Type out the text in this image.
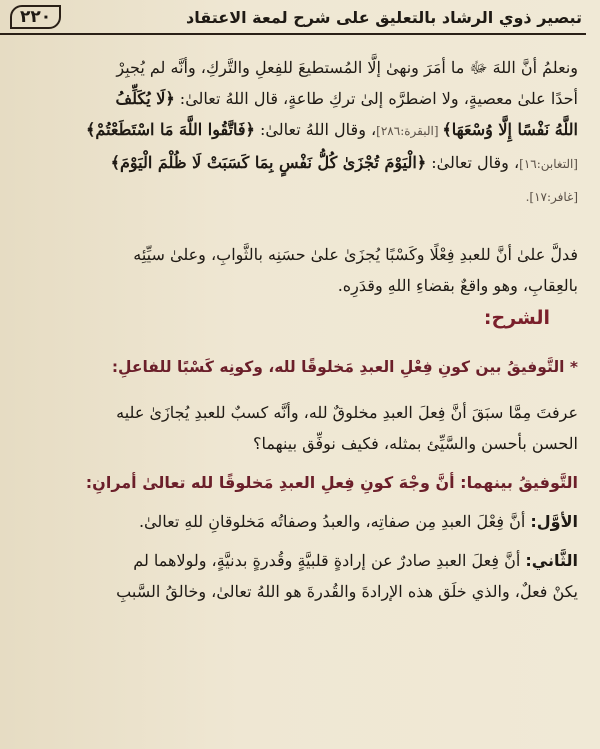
تبصير ذوي الرشاد بالتعليق على شرح لمعة الاعتقاد
٢٢٠
ونعلمُ أنَّ اللهَ ﷻ ما أمَرَ ونهىٰ إلَّا المُستطيعَ للفِعلِ والتَّركِ، وأنَّه لم يُجبِرْ
أحدًا علىٰ معصيةٍ، ولا اضطرَّه إلىٰ تركِ طاعةٍ، قال اللهُ تعالىٰ: ﴿لَا يُكَلِّفُ
اللَّهُ نَفْسًا إِلَّا وُسْعَهَا﴾ [البقرة:٢٨٦]، وقال اللهُ تعالىٰ: ﴿فَاتَّقُوا اللَّهَ مَا اسْتَطَعْتُمْ﴾
[التغابن:١٦]، وقال تعالىٰ: ﴿الْيَوْمَ تُجْزَىٰ كُلُّ نَفْسٍ بِمَا كَسَبَتْ لَا ظُلْمَ الْيَوْمَ﴾
[غافر:١٧].
فدلَّ علىٰ أنَّ للعبدِ فِعْلًا وكَسْبًا يُجزَىٰ علىٰ حسَنِه بالثَّوابِ، وعلىٰ سيِّئِه
بالعِقابِ، وهو واقعٌ بقضاءِ اللهِ وقدَرِه.
الشرح:
* التَّوفيقُ بين كونِ فِعْلِ العبدِ مَخلوقًا لله، وكونِه كَسْبًا للفاعلِ:
عرفتَ مِمَّا سبَقَ أنَّ فِعلَ العبدِ مخلوقٌ لله، وأنَّه كسبٌ للعبدِ يُجازَىٰ عليه
الحسن بأحسن والسَّيِّئ بمثله، فكيف نوفِّق بينهما؟
التَّوفيقُ بينهما: أنَّ وجْهَ كونِ فِعلِ العبدِ مَخلوقًا لله تعالىٰ أمرانِ:
الأوَّل: أنَّ فِعْلَ العبدِ مِن صفاتِه، والعبدُ وصفاتُه مَخلوقانِ للهِ تعالىٰ.
الثَّاني: أنَّ فِعلَ العبدِ صادرٌ عن إرادةٍ قلبيَّةٍ وقُدرةٍ بدنيَّةٍ، ولولاهما لم
يكنْ فعلٌ، والذي خلَق هذه الإرادةَ والقُدرةَ هو اللهُ تعالىٰ، وخالقُ السَّببِ
